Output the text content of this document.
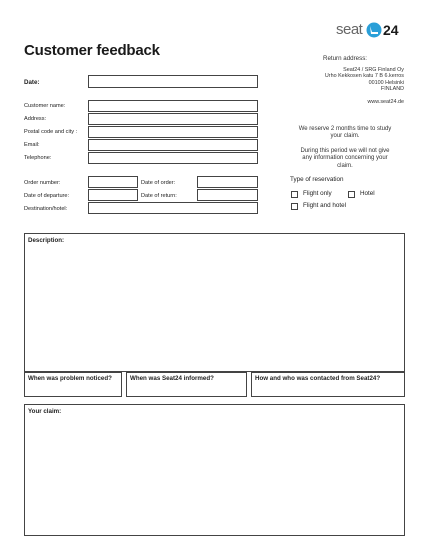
seat 24
Customer feedback	Return address:
Seat24 / SRG Finland Oy
Urho Kekkosen katu 7 B 6.kerros
00100 Helsinki
FINLAND
www.seat24.de
Date:
Customer name:
Address:
Postal code and city :
Email:
Telephone:
Order number:	Date of order:
Date of departure:	Date of return:
Destination/hotel:
We reserve 2 months time to study
your claim.
During this period we will not give
any information concerning your
claim.
Type of reservation
Flight only	Hotel
Flight and hotel
Description:
When was problem noticed?	When was Seat24 informed?	How and who was contacted from Seat24?
Your claim:
